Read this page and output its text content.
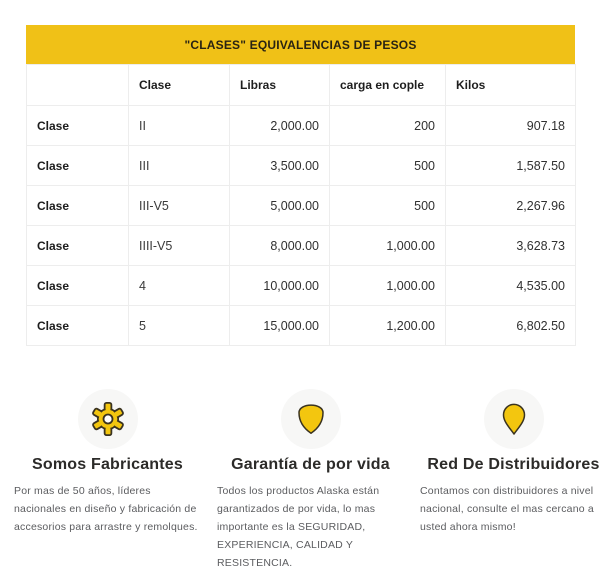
"CLASES" EQUIVALENCIAS DE PESOS
	Clase	Libras	carga en cople	Kilos
Clase	II	2,000.00	200	907.18
Clase	III	3,500.00	500	1,587.50
Clase	III-V5	5,000.00	500	2,267.96
Clase	IIII-V5	8,000.00	1,000.00	3,628.73
Clase	4	10,000.00	1,000.00	4,535.00
Clase	5	15,000.00	1,200.00	6,802.50
Somos Fabricantes
Por mas de 50 años, líderes nacionales en diseño y fabricación de accesorios para arrastre y remolques.
Garantía de por vida
Todos los productos Alaska están garantizados de por vida, lo mas importante es la SEGURIDAD, EXPERIENCIA, CALIDAD Y RESISTENCIA.
Red De Distribuidores
Contamos con distribuidores a nivel nacional, consulte el mas cercano a usted ahora mismo!
